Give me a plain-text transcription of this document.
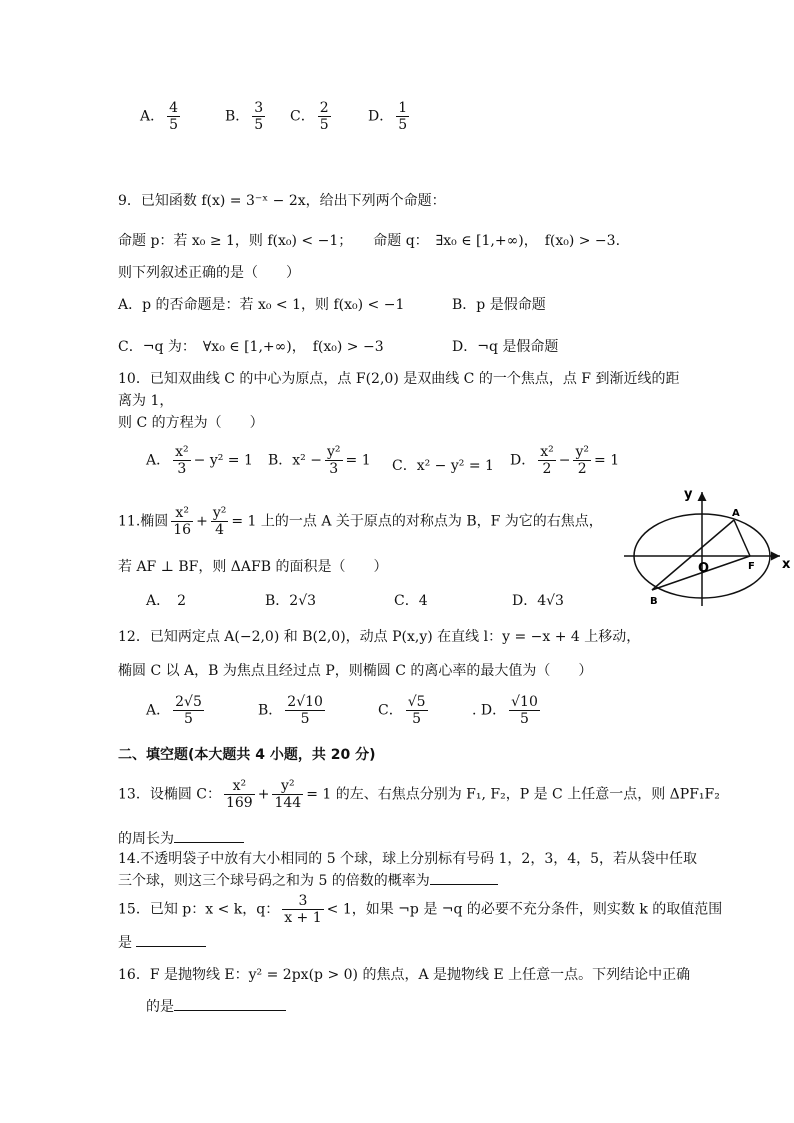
A． $\frac{4}{5}$	B． $\frac{3}{5}$ C． $\frac{2}{5}$	D． $\frac{1}{5}$
9．已知函数 f(x) = 3⁻ˣ − 2x，给出下列两个命题：
命题 p：若 x₀ ≥ 1，则 f(x₀) < −1；　　命题 q：　∃x₀ ∈ [1,+∞)，　f(x₀) > −3.
则下列叙述正确的是（　　）
A．p 的否命题是：若 x₀ < 1，则 f(x₀) < −1	B．p 是假命题
C．¬q 为：　∀x₀ ∈ [1,+∞)，　f(x₀) > −3	D．¬q 是假命题
10．已知双曲线 C 的中心为原点，点 F(2,0) 是双曲线 C 的一个焦点，点 F 到渐近线的距
离为 1，
则 C 的方程为（　　）
A． $\frac{\text{x²}}{3} - y^2 = 1$ B．$x^2 - \frac{\text{y²}}{3} = 1$ C．x² − y² = 1 D． $\frac{\text{x²}}{2} - \frac{\text{y²}}{2} = 1$
11.椭圆 $\frac{\text{x²}}{16} + \frac{\text{y²}}{4} = 1$ 上的一点 A 关于原点的对称点为 B，F 为它的右焦点，
若 AF ⊥ BF，则 ΔAFB 的面积是（　　）
A．　2	B．2√3	C．4	D．4√3
y
x
O
A
B
F
12．已知两定点 A(−2,0) 和 B(2,0)，动点 P(x,y) 在直线 l：y = −x + 4 上移动，
椭圆 C 以 A，B 为焦点且经过点 P，则椭圆 C 的离心率的最大值为（　　）
A． $\frac{2√5}{5}$	B． $\frac{2√10}{5}$	C． $\frac{√5}{5}$	. D． $\frac{√10}{5}$
二、填空题(本大题共 4 小题，共 20 分)
13．设椭圆 C： $\frac{\text{x²}}{169} + \frac{\text{y²}}{144} = 1$ 的左、右焦点分别为 F₁, F₂，P 是 C 上任意一点，则 ΔPF₁F₂
的周长为
14.不透明袋子中放有大小相同的 5 个球，球上分别标有号码 1，2，3，4，5，若从袋中任取
三个球，则这三个球号码之和为 5 的倍数的概率为
15．已知 p：x < k，q： $\frac{3}{x + 1} < 1$，如果 ¬p 是 ¬q 的必要不充分条件，则实数 k 的取值范围
是
16．F 是抛物线 E：y² = 2px(p > 0) 的焦点，A 是抛物线 E 上任意一点。下列结论中正确
的是
